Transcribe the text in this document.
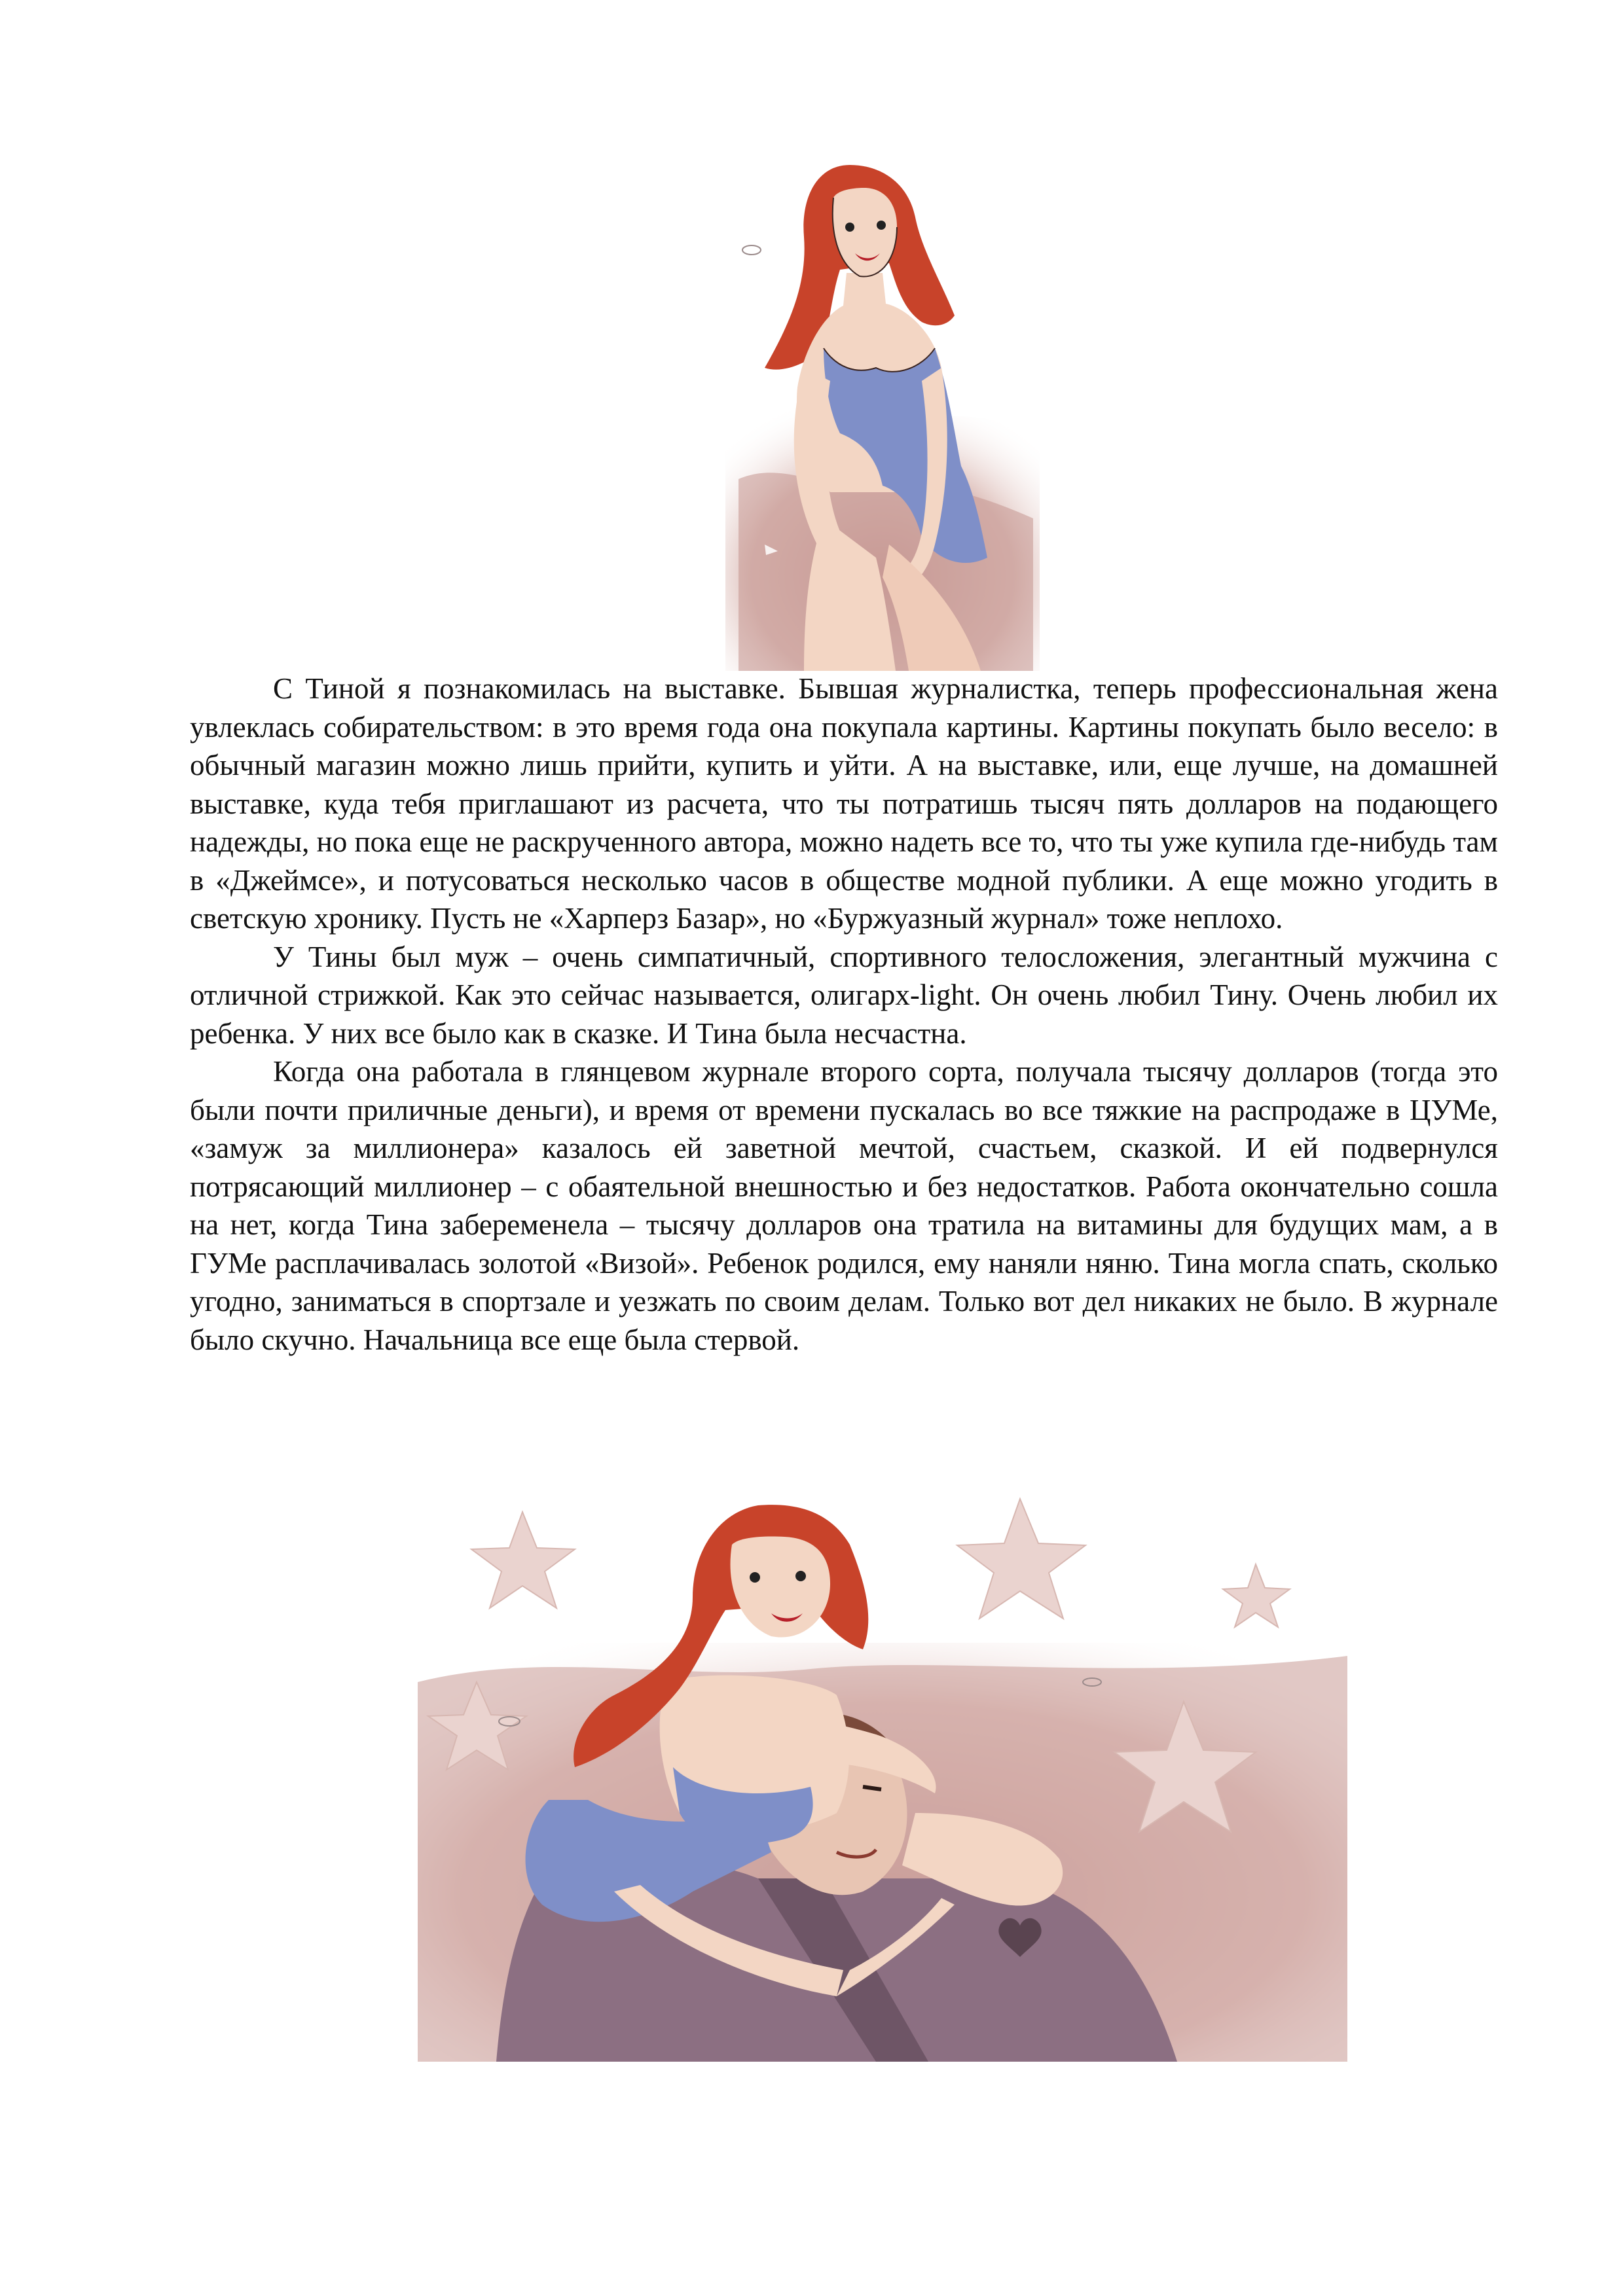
С Тиной я познакомилась на выставке. Бывшая журналистка, теперь профессиональная жена увлеклась собирательством: в это время года она покупала картины. Картины покупать было весело: в обычный магазин можно лишь прийти, купить и уйти. А на выставке, или, еще лучше, на домашней выставке, куда тебя приглашают из расчета, что ты потратишь тысяч пять долларов на подающего надежды, но пока еще не раскрученного автора, можно надеть все то, что ты уже купила где-нибудь там в «Джеймсе», и потусоваться несколько часов в обществе модной публики. А еще можно угодить в светскую хронику. Пусть не «Харперз Базар», но «Буржуазный журнал» тоже неплохо.

У Тины был муж – очень симпатичный, спортивного телосложения, элегантный мужчина с отличной стрижкой. Как это сейчас называется, олигарх-light. Он очень любил Тину. Очень любил их ребенка. У них все было как в сказке. И Тина была несчастна.

Когда она работала в глянцевом журнале второго сорта, получала тысячу долларов (тогда это были почти приличные деньги), и время от времени пускалась во все тяжкие на распродаже в ЦУМе, «замуж за миллионера» казалось ей заветной мечтой, счастьем, сказкой. И ей подвернулся потрясающий миллионер – с обаятельной внешностью и без недостатков. Работа окончательно сошла на нет, когда Тина забеременела – тысячу долларов она тратила на витамины для будущих мам, а в ГУМе расплачивалась золотой «Визой». Ребенок родился, ему наняли няню. Тина могла спать, сколько угодно, заниматься в спортзале и уезжать по своим делам. Только вот дел никаких не было. В журнале было скучно. Начальница все еще была стервой.
